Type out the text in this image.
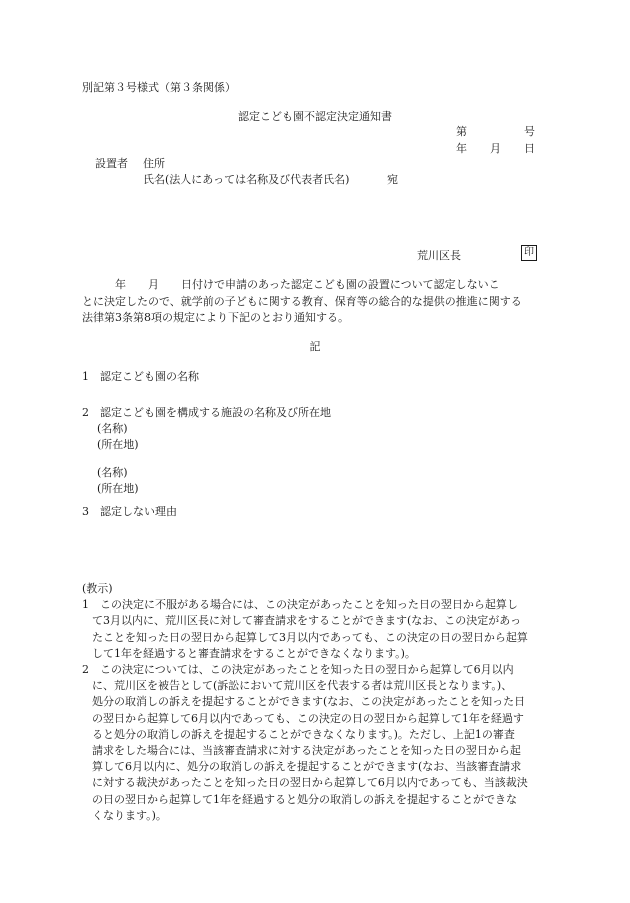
別記第３号様式（第３条関係）
認定こども園不認定決定通知書
第	号
年 月 日
設置者 住所
氏名(法人にあっては名称及び代表者氏名)	宛
荒川区長	印

　　　年　　月　　日付けで申請のあった認定こども園の設置について認定しないこ

とに決定したので、就学前の子どもに関する教育、保育等の総合的な提供の推進に関する

法律第3条第8項の規定により下記のとおり通知する。

記
1　認定こども園の名称
2　認定こども園を構成する施設の名称及び所在地
(名称)
(所在地)
(名称)
(所在地)
3　認定しない理由

(教示)

1　この決定に不服がある場合には、この決定があったことを知った日の翌日から起算し

て3月以内に、荒川区長に対して審査請求をすることができます(なお、この決定があっ

たことを知った日の翌日から起算して3月以内であっても、この決定の日の翌日から起算

して1年を経過すると審査請求をすることができなくなります。)。

2　この決定については、この決定があったことを知った日の翌日から起算して6月以内

に、荒川区を被告として(訴訟において荒川区を代表する者は荒川区長となります。)、

処分の取消しの訴えを提起することができます(なお、この決定があったことを知った日

の翌日から起算して6月以内であっても、この決定の日の翌日から起算して1年を経過す

ると処分の取消しの訴えを提起することができなくなります。)。ただし、上記1の審査

請求をした場合には、当該審査請求に対する決定があったことを知った日の翌日から起

算して6月以内に、処分の取消しの訴えを提起することができます(なお、当該審査請求

に対する裁決があったことを知った日の翌日から起算して6月以内であっても、当該裁決

の日の翌日から起算して1年を経過すると処分の取消しの訴えを提起することができな

くなります。)。
